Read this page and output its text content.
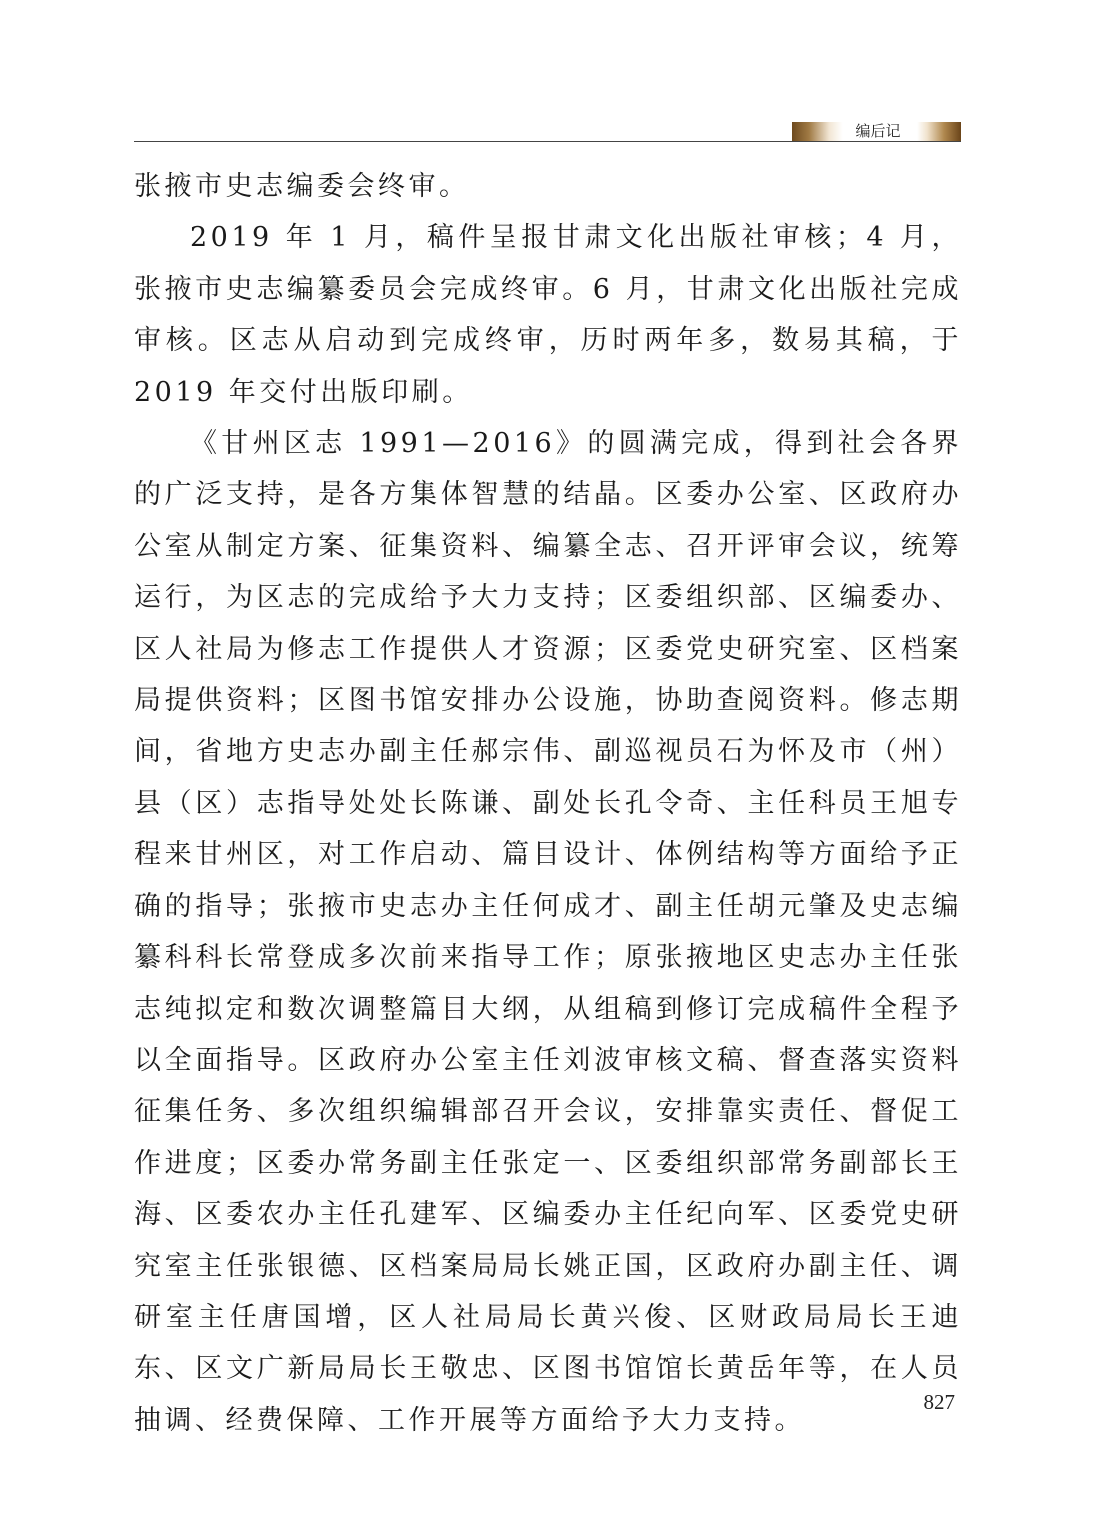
编后记

张掖市史志编委会终审。

2019 年 1 月，稿件呈报甘肃文化出版社审核；4 月，张掖市史志编纂委员会完成终审。6 月，甘肃文化出版社完成审核。区志从启动到完成终审，历时两年多，数易其稿，于 2019 年交付出版印刷。

《甘州区志 1991—2016》的圆满完成，得到社会各界的广泛支持，是各方集体智慧的结晶。区委办公室、区政府办公室从制定方案、征集资料、编纂全志、召开评审会议，统筹运行，为区志的完成给予大力支持；区委组织部、区编委办、区人社局为修志工作提供人才资源；区委党史研究室、区档案局提供资料；区图书馆安排办公设施，协助查阅资料。修志期间，省地方史志办副主任郝宗伟、副巡视员石为怀及市（州）县（区）志指导处处长陈谦、副处长孔令奇、主任科员王旭专程来甘州区，对工作启动、篇目设计、体例结构等方面给予正确的指导；张掖市史志办主任何成才、副主任胡元肇及史志编纂科科长常登成多次前来指导工作；原张掖地区史志办主任张志纯拟定和数次调整篇目大纲，从组稿到修订完成稿件全程予以全面指导。区政府办公室主任刘波审核文稿、督查落实资料征集任务、多次组织编辑部召开会议，安排靠实责任、督促工作进度；区委办常务副主任张定一、区委组织部常务副部长王海、区委农办主任孔建军、区编委办主任纪向军、区委党史研究室主任张银德、区档案局局长姚正国，区政府办副主任、调研室主任唐国增，区人社局局长黄兴俊、区财政局局长王迪东、区文广新局局长王敬忠、区图书馆馆长黄岳年等，在人员抽调、经费保障、工作开展等方面给予大力支持。

827
